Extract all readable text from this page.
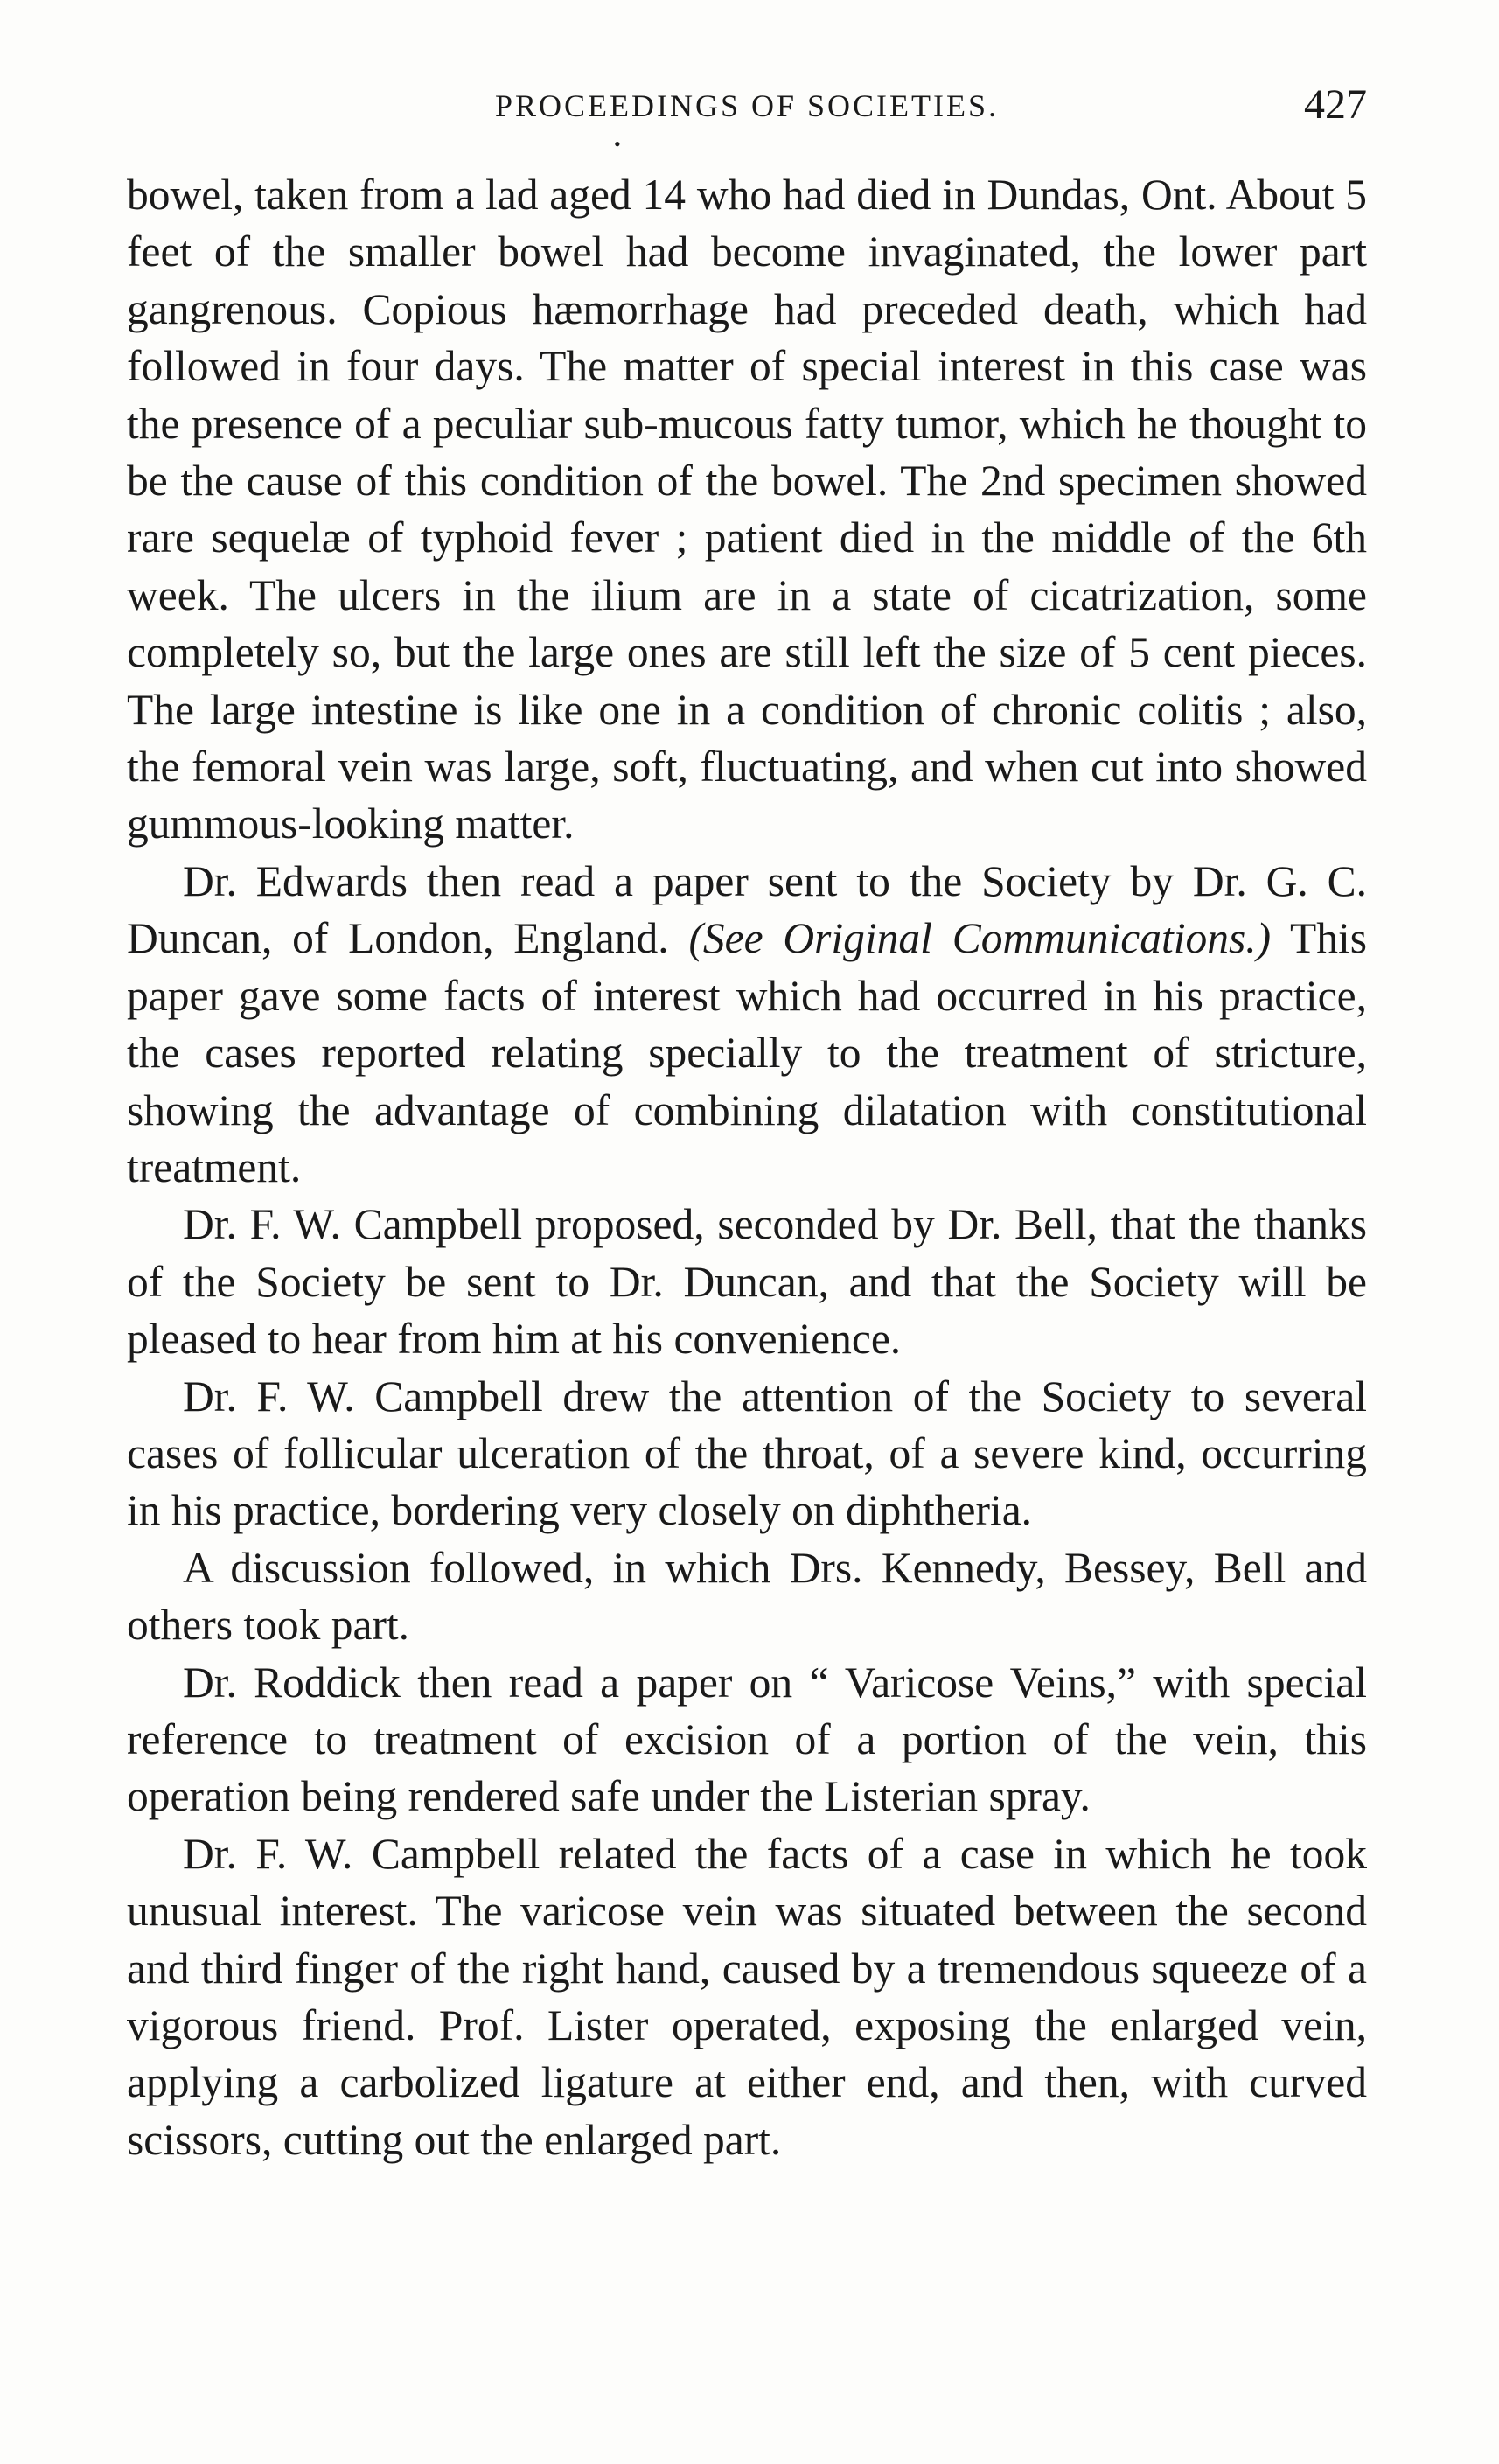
PROCEEDINGS OF SOCIETIES.	427
•

bowel, taken from a lad aged 14 who had died in Dundas, Ont. About 5 feet of the smaller bowel had become invaginated, the lower part gangrenous. Copious hæmorrhage had preceded death, which had followed in four days. The matter of special interest in this case was the presence of a peculiar sub-mucous fatty tumor, which he thought to be the cause of this condition of the bowel. The 2nd specimen showed rare sequelæ of typhoid fever ; patient died in the middle of the 6th week. The ulcers in the ilium are in a state of cicatrization, some completely so, but the large ones are still left the size of 5 cent pieces. The large intestine is like one in a condition of chronic colitis ; also, the femoral vein was large, soft, fluctuating, and when cut into showed gummous-looking matter.

Dr. Edwards then read a paper sent to the Society by Dr. G. C. Duncan, of London, England. (See Original Communications.) This paper gave some facts of interest which had occurred in his practice, the cases reported relating specially to the treatment of stricture, showing the advantage of combining dilatation with constitutional treatment.

Dr. F. W. Campbell proposed, seconded by Dr. Bell, that the thanks of the Society be sent to Dr. Duncan, and that the Society will be pleased to hear from him at his convenience.

Dr. F. W. Campbell drew the attention of the Society to several cases of follicular ulceration of the throat, of a severe kind, occurring in his practice, bordering very closely on diphtheria.

A discussion followed, in which Drs. Kennedy, Bessey, Bell and others took part.

Dr. Roddick then read a paper on “ Varicose Veins,” with special reference to treatment of excision of a portion of the vein, this operation being rendered safe under the Listerian spray.

Dr. F. W. Campbell related the facts of a case in which he took unusual interest. The varicose vein was situated between the second and third finger of the right hand, caused by a tremendous squeeze of a vigorous friend. Prof. Lister operated, exposing the enlarged vein, applying a carbolized ligature at either end, and then, with curved scissors, cutting out the enlarged part.
